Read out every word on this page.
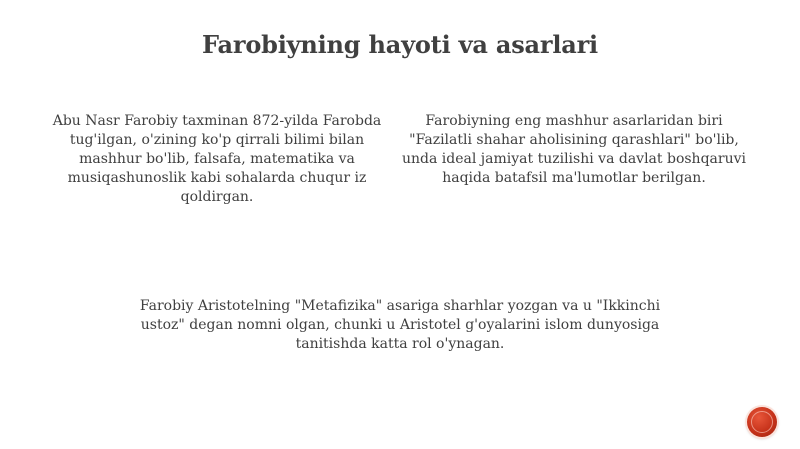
Farobiyning hayoti va asarlari
Abu Nasr Farobiy taxminan 872-yilda Farobda tug'ilgan, o'zining ko'p qirrali bilimi bilan mashhur bo'lib, falsafa, matematika va musiqashunoslik kabi sohalarda chuqur iz qoldirgan.
Farobiyning eng mashhur asarlaridan biri "Fazilatli shahar aholisining qarashlari" bo'lib, unda ideal jamiyat tuzilishi va davlat boshqaruvi haqida batafsil ma'lumotlar berilgan.
Farobiy Aristotelning "Metafizika" asariga sharhlar yozgan va u "Ikkinchi ustoz" degan nomni olgan, chunki u Aristotel g'oyalarini islom dunyosiga tanitishda katta rol o'ynagan.
